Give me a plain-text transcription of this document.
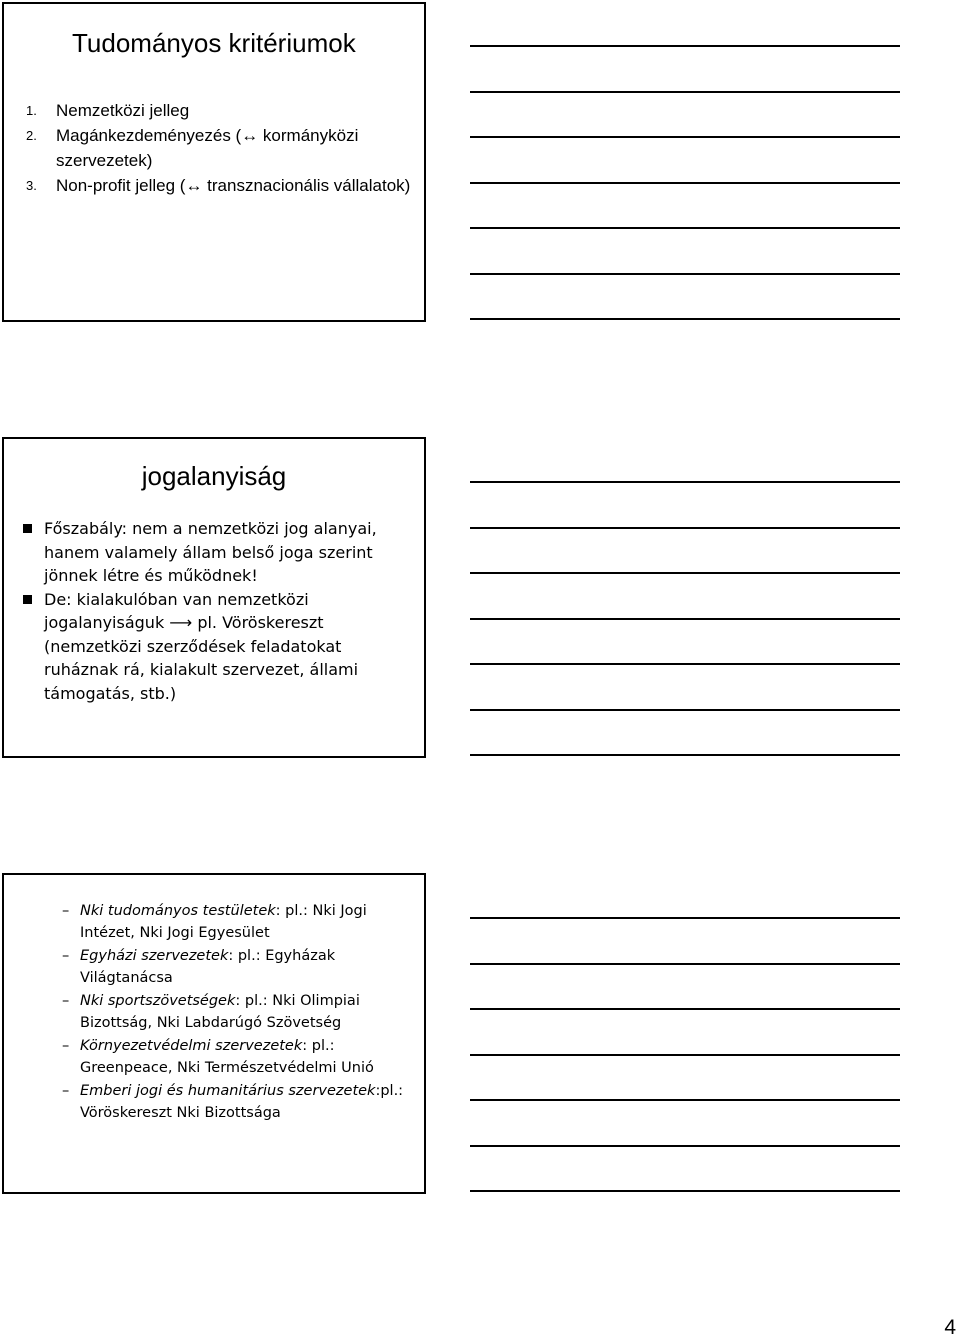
Tudományos kritériumok
1. Nemzetközi jelleg
2. Magánkezdeményezés (↔ kormányközi szervezetek)
3. Non-profit jelleg (↔ transznacionális vállalatok)
jogalanyiság
Főszabály: nem a nemzetközi jog alanyai, hanem valamely állam belső joga szerint jönnek létre és működnek!
De: kialakulóban van nemzetközi jogalanyiságuk ⟶ pl. Vöröskereszt (nemzetközi szerződések feladatokat ruháznak rá, kialakult szervezet, állami támogatás, stb.)
– Nki tudományos testületek: pl.: Nki Jogi Intézet, Nki Jogi Egyesület
– Egyházi szervezetek: pl.: Egyházak Világtanácsa
– Nki sportszövetségek: pl.: Nki Olimpiai Bizottság, Nki Labdarúgó Szövetség
– Környezetvédelmi szervezetek: pl.: Greenpeace, Nki Természetvédelmi Unió
– Emberi jogi és humanitárius szervezetek:pl.: Vöröskereszt Nki Bizottsága
4
